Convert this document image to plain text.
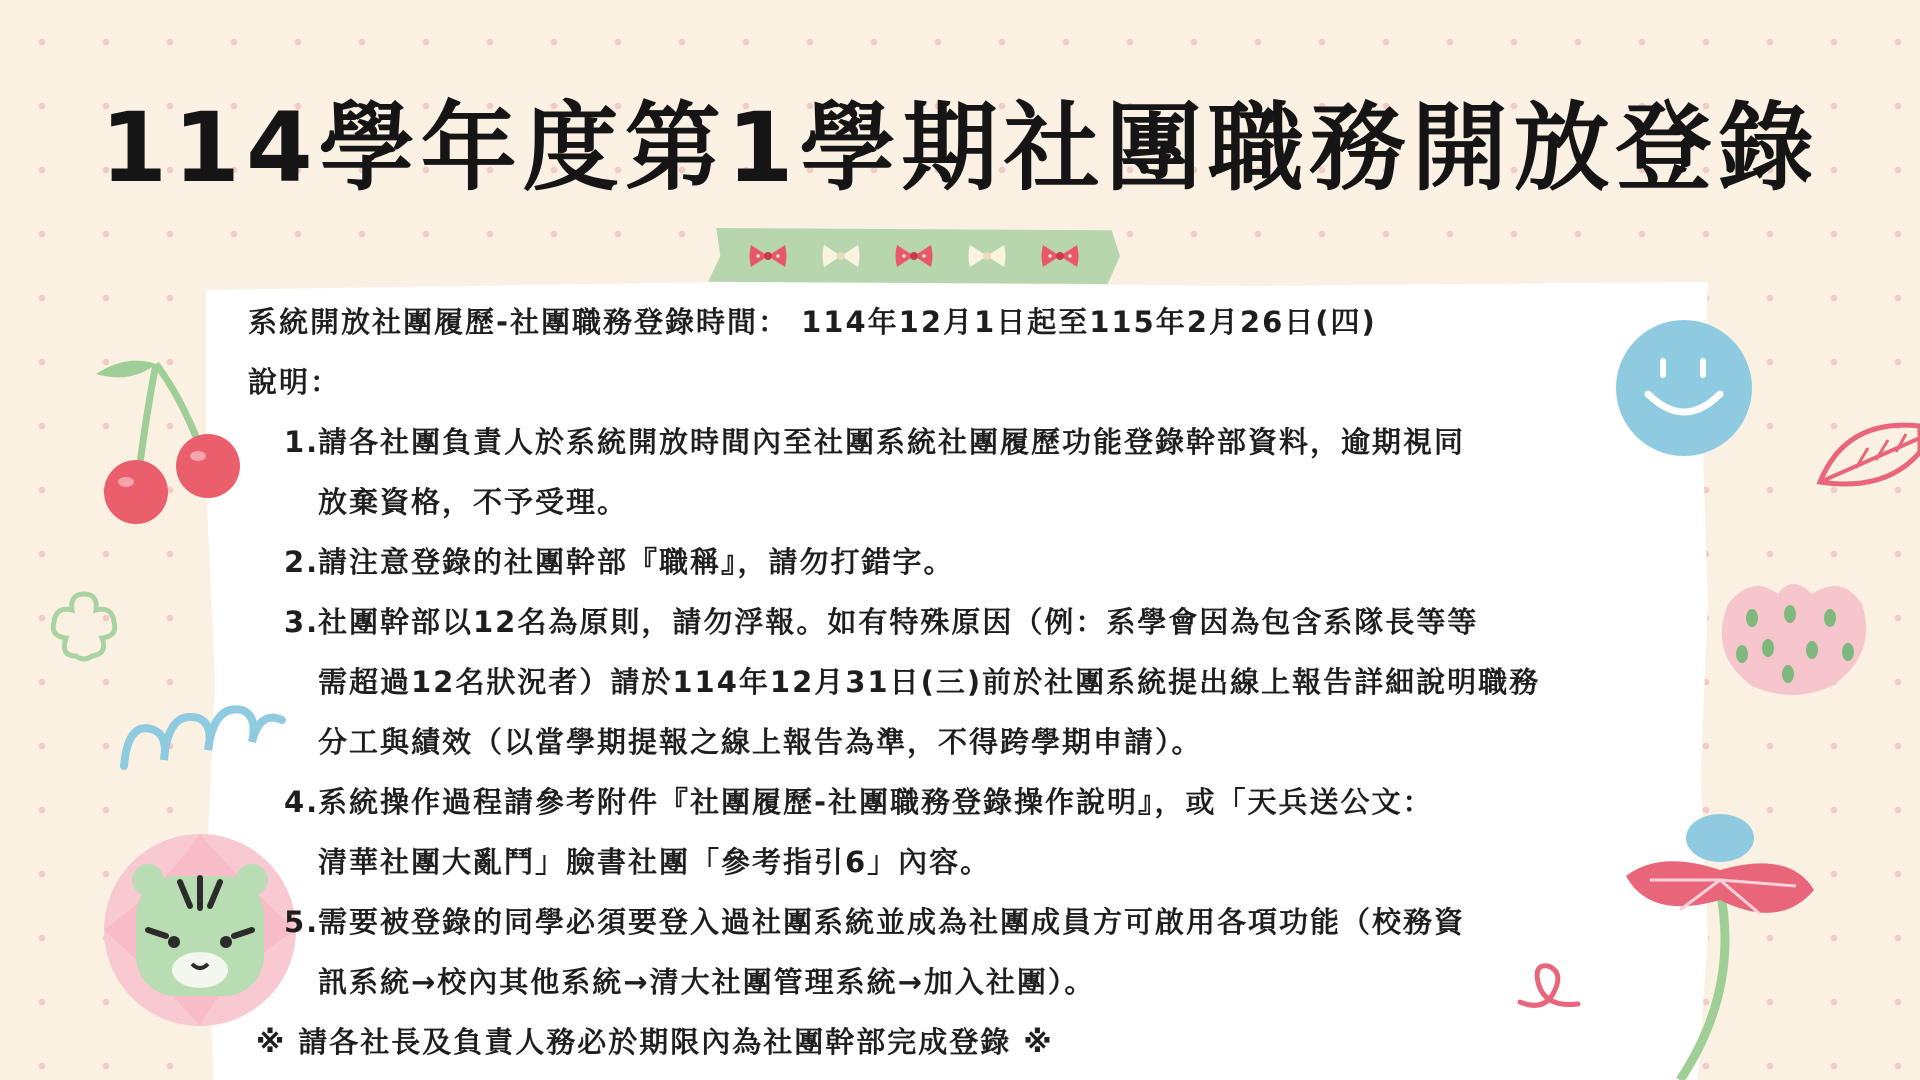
114學年度第1學期社團職務開放登錄
系統開放社團履歷-社團職務登錄時間： 114年12月1日起至115年2月26日(四)
說明：
1.
請各社團負責人於系統開放時間內至社團系統社團履歷功能登錄幹部資料，逾期視同
放棄資格，不予受理。
2.
請注意登錄的社團幹部『職稱』，請勿打錯字。
3.
社團幹部以12名為原則，請勿浮報。如有特殊原因（例：系學會因為包含系隊長等等
需超過12名狀況者）請於114年12月31日(三)前於社團系統提出線上報告詳細說明職務
分工與績效（以當學期提報之線上報告為準，不得跨學期申請）。
4.
系統操作過程請參考附件『社團履歷-社團職務登錄操作說明』，或「天兵送公文：
清華社團大亂鬥」臉書社團「參考指引6」內容。
5.
需要被登錄的同學必須要登入過社團系統並成為社團成員方可啟用各項功能（校務資
訊系統→校內其他系統→清大社團管理系統→加入社團）。
※ 請各社長及負責人務必於期限內為社團幹部完成登錄 ※
